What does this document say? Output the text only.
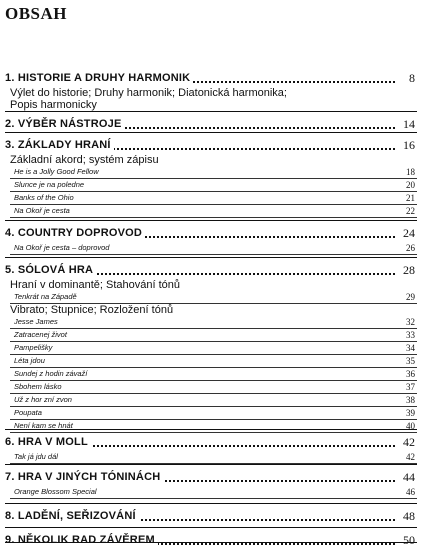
OBSAH
1. HISTORIE A DRUHY HARMONIK	8
Výlet do historie; Druhy harmonik; Diatonická harmonika;
Popis harmonicky
2. VÝBĚR NÁSTROJE	14
3. ZÁKLADY HRANÍ	16
Základní akord; systém zápisu
He is a Jolly Good Fellow	18
Slunce je na poledne	20
Banks of the Ohio	21
Na Okoř je cesta	22
4. COUNTRY DOPROVOD	24
Na Okoř je cesta – doprovod	26
5. SÓLOVÁ HRA	28
Hraní v dominantě; Stahování tónů
Tenkrát na Západě	29
Vibrato; Stupnice; Rozložení tónů
Jesse James	32
Zatracenej život	33
Pampelišky	34
Léta jdou	35
Sundej z hodin závaží	36
Sbohem lásko	37
Už z hor zní zvon	38
Poupata	39
Není kam se hnát	40
6. HRA V MOLL	42
Tak já jdu dál	42
7. HRA V JINÝCH TÓNINÁCH	44
Orange Blossom Special	46
8. LADĚNÍ, SEŘIZOVÁNÍ	48
9. NĚKOLIK RAD ZÁVĚREM	50
